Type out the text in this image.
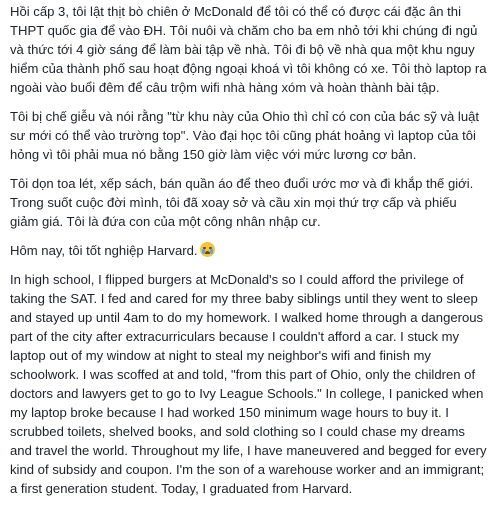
Hồi cấp 3, tôi lật thịt bò chiên ở McDonald để tôi có thể có được cái đặc ân thi THPT quốc gia để vào ĐH. Tôi nuôi và chăm cho ba em nhỏ tới khi chúng đi ngủ và thức tới 4 giờ sáng để làm bài tập về nhà. Tôi đi bộ về nhà qua một khu nguy hiểm của thành phố sau hoạt động ngoại khoá vì tôi không có xe. Tôi thò laptop ra ngoài vào buổi đêm để câu trộm wifi nhà hàng xóm và hoàn thành bài tập.
Tôi bị chế giễu và nói rằng "từ khu này của Ohio thì chỉ có con của bác sỹ và luật sư mới có thể vào trường top". Vào đại học tôi cũng phát hoảng vì laptop của tôi hỏng vì tôi phải mua nó bằng 150 giờ làm việc với mức lương cơ bản.
Tôi dọn toa lét, xếp sách, bán quần áo để theo đuổi ước mơ và đi khắp thế giới. Trong suốt cuộc đời mình, tôi đã xoay sở và cầu xin mọi thứ trợ cấp và phiếu giảm giá. Tôi là đứa con của một công nhân nhập cư.
Hôm nay, tôi tốt nghiệp Harvard.
In high school, I flipped burgers at McDonald's so I could afford the privilege of taking the SAT. I fed and cared for my three baby siblings until they went to sleep and stayed up until 4am to do my homework. I walked home through a dangerous part of the city after extracurriculars because I couldn't afford a car. I stuck my laptop out of my window at night to steal my neighbor's wifi and finish my schoolwork. I was scoffed at and told, "from this part of Ohio, only the children of doctors and lawyers get to go to Ivy League Schools." In college, I panicked when my laptop broke because I had worked 150 minimum wage hours to buy it. I scrubbed toilets, shelved books, and sold clothing so I could chase my dreams and travel the world. Throughout my life, I have maneuvered and begged for every kind of subsidy and coupon. I'm the son of a warehouse worker and an immigrant; a first generation student. Today, I graduated from Harvard.
